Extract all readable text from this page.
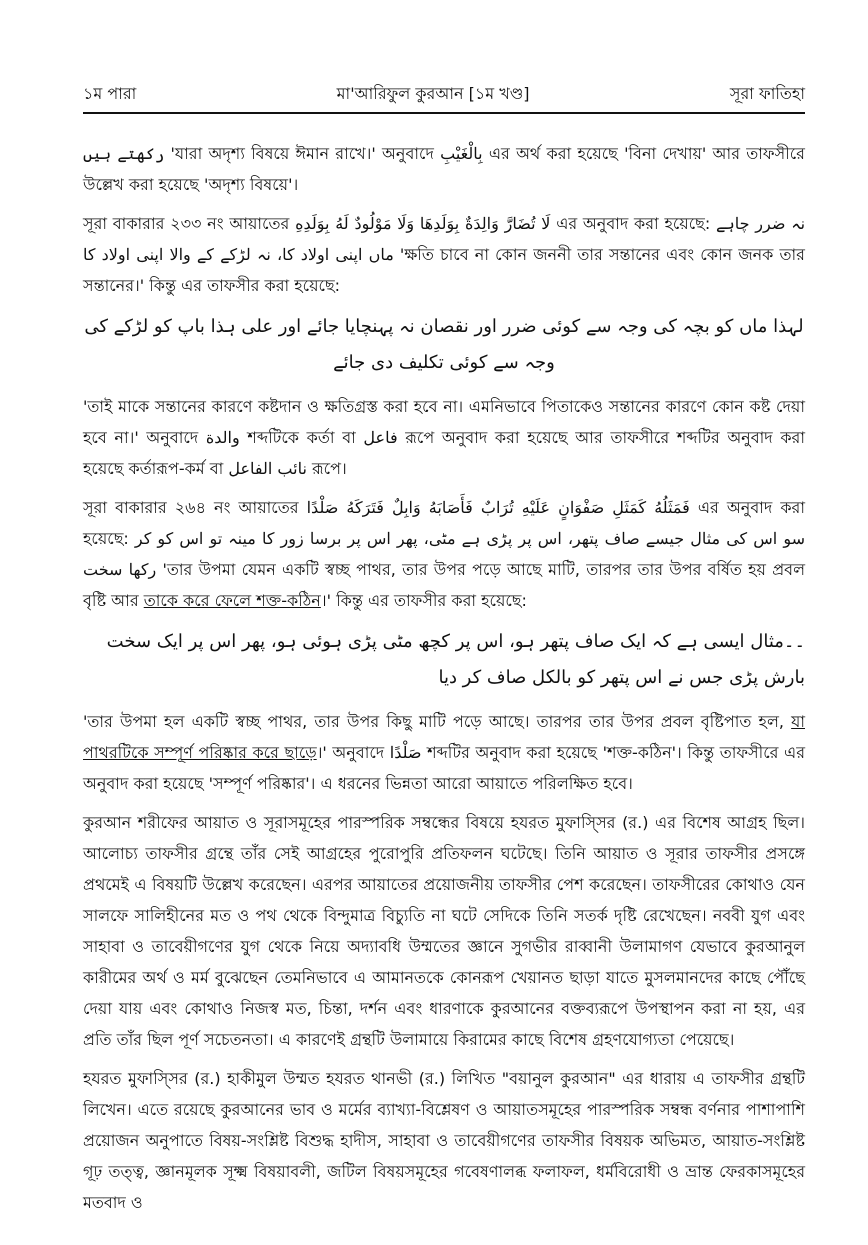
১ম পারা	মা'আরিফুল কুরআন [১ম খণ্ড]	সূরা ফাতিহা

رکھتے ہیں 'যারা অদৃশ্য বিষয়ে ঈমান রাখে।' অনুবাদে بِالْغَيْبِ এর অর্থ করা হয়েছে 'বিনা দেখায়' আর তাফসীরে উল্লেখ করা হয়েছে 'অদৃশ্য বিষয়ে'।

সূরা বাকারার ২৩৩ নং আয়াতের لَا تُضَارَّ وَالِدَةٌ بِوَلَدِهَا وَلَا مَوْلُودٌ لَهُ بِوَلَدِهِ এর অনুবাদ করা হয়েছে: نہ ضرر چاہے ماں اپنی اولاد کا، نہ لڑکے کے والا اپنی اولاد کا 'ক্ষতি চাবে না কোন জননী তার সন্তানের এবং কোন জনক তার সন্তানের।' কিন্তু এর তাফসীর করা হয়েছে:

لہذا ماں کو بچہ کی وجہ سے کوئی ضرر اور نقصان نہ پہنچایا جائے اور علی ہذا باپ کو لڑکے کی وجہ سے کوئی تکلیف دی جائے

'তাই মাকে সন্তানের কারণে কষ্টদান ও ক্ষতিগ্রস্ত করা হবে না। এমনিভাবে পিতাকেও সন্তানের কারণে কোন কষ্ট দেয়া হবে না।' অনুবাদে والدة শব্দটিকে কর্তা বা فاعل রূপে অনুবাদ করা হয়েছে আর তাফসীরে শব্দটির অনুবাদ করা হয়েছে কর্তারূপ-কর্ম বা نائب الفاعل রূপে।

সূরা বাকারার ২৬৪ নং আয়াতের فَمَثَلُهُ كَمَثَلِ صَفْوَانٍ عَلَيْهِ تُرَابٌ فَأَصَابَهُ وَابِلٌ فَتَرَكَهُ صَلْدًا এর অনুবাদ করা হয়েছে: سو اس کی مثال جیسے صاف پتھر، اس پر پڑی ہے مٹی، پھر اس پر برسا زور کا مینہ تو اس کو کر رکھا سخت 'তার উপমা যেমন একটি স্বচ্ছ পাথর, তার উপর পড়ে আছে মাটি, তারপর তার উপর বর্ষিত হয় প্রবল বৃষ্টি আর তাকে করে ফেলে শক্ত-কঠিন।' কিন্তু এর তাফসীর করা হয়েছে:

۔۔مثال ایسی ہے کہ ایک صاف پتھر ہو، اس پر کچھ مٹی پڑی ہوئی ہو، پھر اس پر ایک سخت بارش پڑی جس نے اس پتھر کو بالکل صاف کر دیا

'তার উপমা হল একটি স্বচ্ছ পাথর, তার উপর কিছু মাটি পড়ে আছে। তারপর তার উপর প্রবল বৃষ্টিপাত হল, যা পাথরটিকে সম্পূর্ণ পরিষ্কার করে ছাড়ে।' অনুবাদে صَلْدًا শব্দটির অনুবাদ করা হয়েছে 'শক্ত-কঠিন'। কিন্তু তাফসীরে এর অনুবাদ করা হয়েছে 'সম্পূর্ণ পরিষ্কার'। এ ধরনের ভিন্নতা আরো আয়াতে পরিলক্ষিত হবে।

কুরআন শরীফের আয়াত ও সূরাসমূহের পারস্পরিক সম্বন্ধের বিষয়ে হযরত মুফাস্সির (র.) এর বিশেষ আগ্রহ ছিল। আলোচ্য তাফসীর গ্রন্থে তাঁর সেই আগ্রহের পুরোপুরি প্রতিফলন ঘটেছে। তিনি আয়াত ও সূরার তাফসীর প্রসঙ্গে প্রথমেই এ বিষয়টি উল্লেখ করেছেন। এরপর আয়াতের প্রয়োজনীয় তাফসীর পেশ করেছেন। তাফসীরের কোথাও যেন সালফে সালিহীনের মত ও পথ থেকে বিন্দুমাত্র বিচ্যুতি না ঘটে সেদিকে তিনি সতর্ক দৃষ্টি রেখেছেন। নববী যুগ এবং সাহাবা ও তাবেয়ীগণের যুগ থেকে নিয়ে অদ্যাবধি উম্মতের জ্ঞানে সুগভীর রাব্বানী উলামাগণ যেভাবে কুরআনুল কারীমের অর্থ ও মর্ম বুঝেছেন তেমনিভাবে এ আমানতকে কোনরূপ খেয়ানত ছাড়া যাতে মুসলমানদের কাছে পৌঁছে দেয়া যায় এবং কোথাও নিজস্ব মত, চিন্তা, দর্শন এবং ধারণাকে কুরআনের বক্তব্যরূপে উপস্থাপন করা না হয়, এর প্রতি তাঁর ছিল পূর্ণ সচেতনতা। এ কারণেই গ্রন্থটি উলামায়ে কিরামের কাছে বিশেষ গ্রহণযোগ্যতা পেয়েছে।

হযরত মুফাস্সির (র.) হাকীমুল উম্মত হযরত থানভী (র.) লিখিত "বয়ানুল কুরআন" এর ধারায় এ তাফসীর গ্রন্থটি লিখেন। এতে রয়েছে কুরআনের ভাব ও মর্মের ব্যাখ্যা-বিশ্লেষণ ও আয়াতসমূহের পারস্পরিক সম্বন্ধ বর্ণনার পাশাপাশি প্রয়োজন অনুপাতে বিষয়-সংশ্লিষ্ট বিশুদ্ধ হাদীস, সাহাবা ও তাবেয়ীগণের তাফসীর বিষয়ক অভিমত, আয়াত-সংশ্লিষ্ট গূঢ় তত্ত্ব, জ্ঞানমূলক সূক্ষ্ম বিষয়াবলী, জটিল বিষয়সমূহের গবেষণালব্ধ ফলাফল, ধর্মবিরোধী ও ভ্রান্ত ফেরকাসমূহের মতবাদ ও
